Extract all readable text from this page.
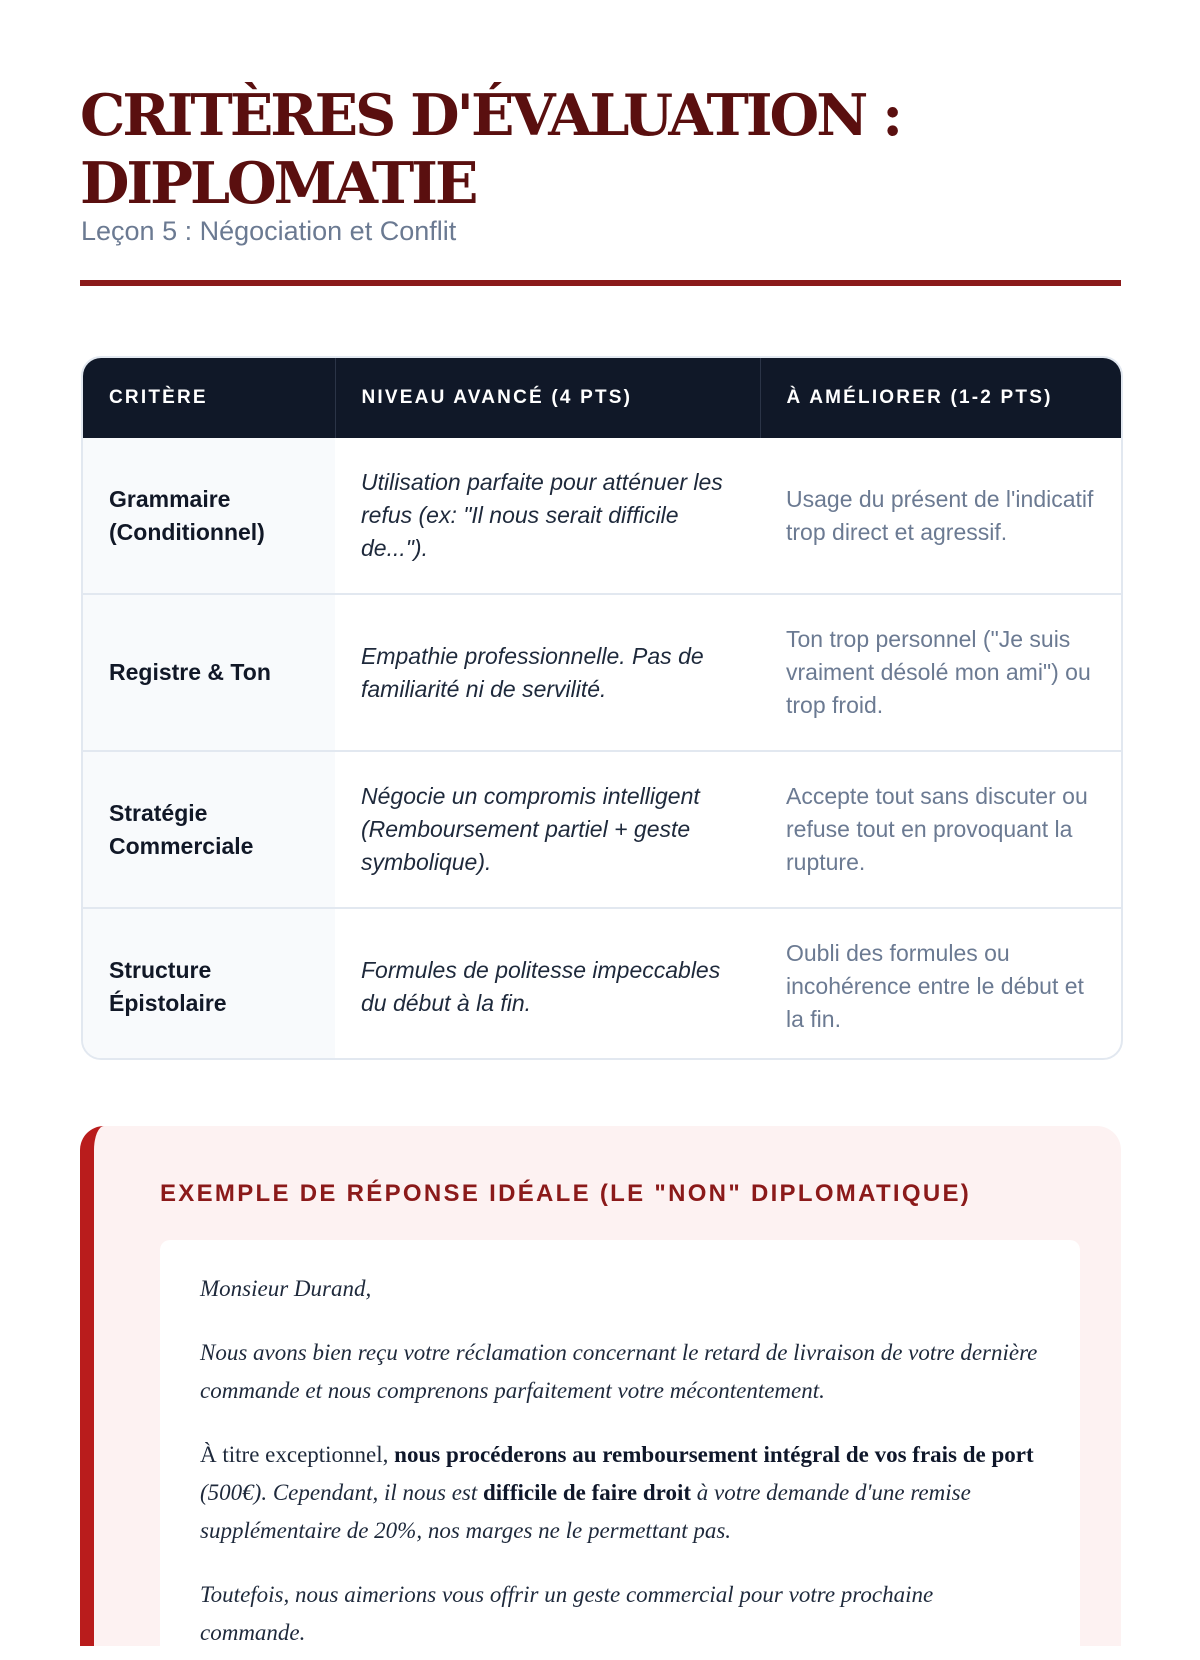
CRITÈRES D'ÉVALUATION :
DIPLOMATIE
Leçon 5 : Négociation et Conflit
CRITÈRE	NIVEAU AVANCÉ (4 PTS)	À AMÉLIORER (1-2 PTS)
Grammaire (Conditionnel)	Utilisation parfaite pour atténuer les refus (ex: "Il nous serait difficile de...").	Usage du présent de l'indicatif trop direct et agressif.
Registre & Ton	Empathie professionnelle. Pas de familiarité ni de servilité.	Ton trop personnel ("Je suis vraiment désolé mon ami") ou trop froid.
Stratégie Commerciale	Négocie un compromis intelligent (Remboursement partiel + geste symbolique).	Accepte tout sans discuter ou refuse tout en provoquant la rupture.
Structure Épistolaire	Formules de politesse impeccables du début à la fin.	Oubli des formules ou incohérence entre le début et la fin.
EXEMPLE DE RÉPONSE IDÉALE (LE "NON" DIPLOMATIQUE)

Monsieur Durand,

Nous avons bien reçu votre réclamation concernant le retard de livraison de votre dernière commande et nous comprenons parfaitement votre mécontentement.

À titre exceptionnel, nous procéderons au remboursement intégral de vos frais de port (500€). Cependant, il nous est difficile de faire droit à votre demande d'une remise supplémentaire de 20%, nos marges ne le permettant pas.

Toutefois, nous aimerions vous offrir un geste commercial pour votre prochaine commande.
